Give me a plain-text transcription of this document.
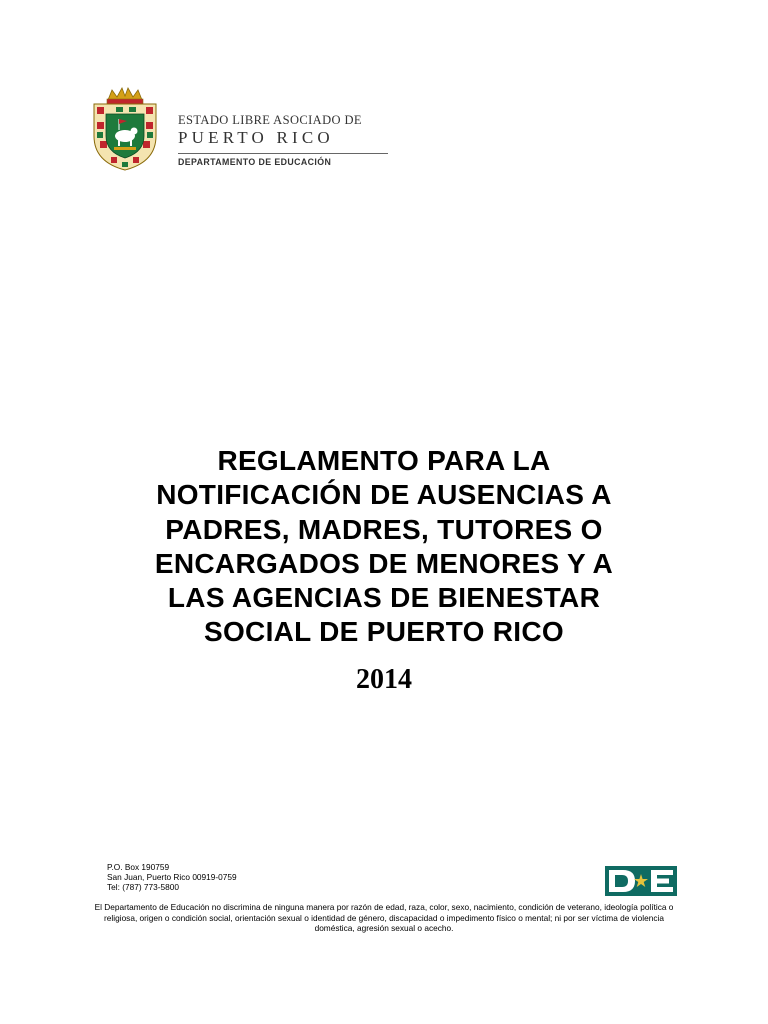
ESTADO LIBRE ASOCIADO DE
PUERTO RICO
DEPARTAMENTO DE EDUCACIÓN
REGLAMENTO PARA LA
NOTIFICACIÓN DE AUSENCIAS A
PADRES, MADRES, TUTORES O
ENCARGADOS DE MENORES Y A
LAS AGENCIAS DE BIENESTAR
SOCIAL DE PUERTO RICO
2014
P.O. Box 190759
San Juan, Puerto Rico 00919-0759
Tel: (787) 773-5800
El Departamento de Educación no discrimina de ninguna manera por razón de edad, raza, color, sexo, nacimiento, condición de veterano, ideología política o religiosa, origen o condición social, orientación sexual o identidad de género, discapacidad o impedimento físico o mental; ni por ser víctima de violencia doméstica, agresión sexual o acecho.
